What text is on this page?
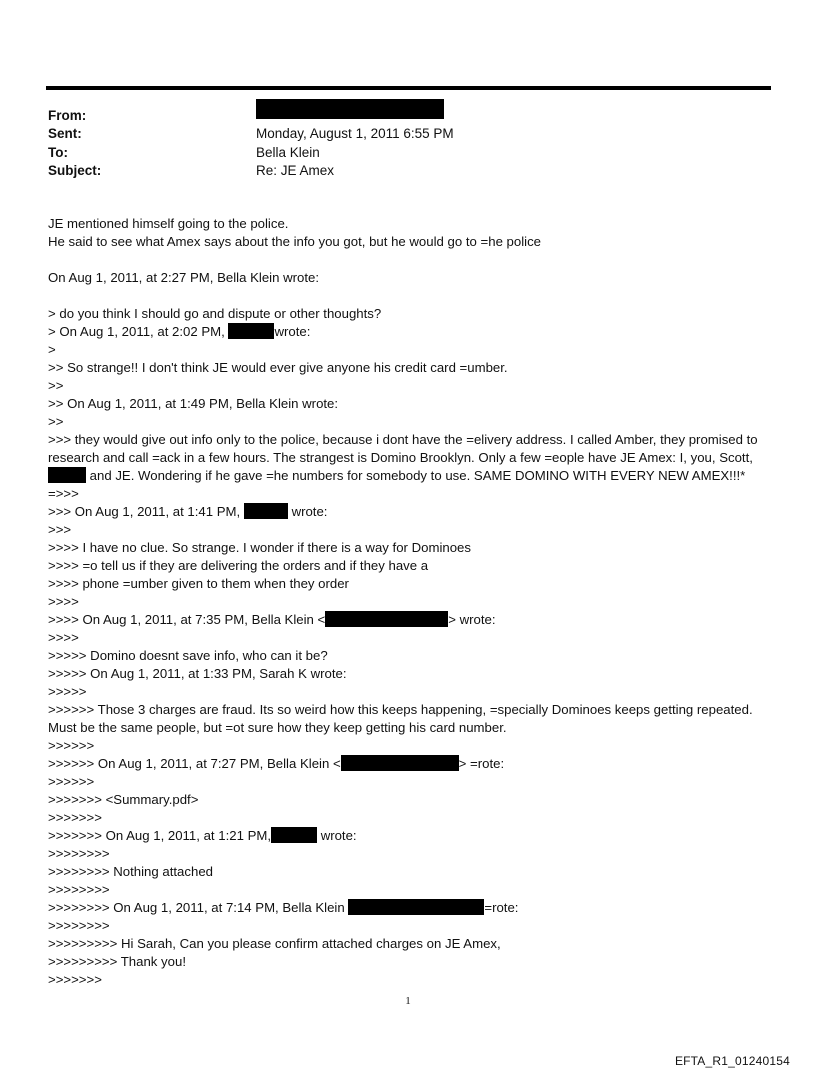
From:
Sent:	Monday, August 1, 2011 6:55 PM
To:	Bella Klein
Subject:	Re: JE Amex
JE mentioned himself going to the police.
He said to see what Amex says about the info you got, but he would go to =he police
On Aug 1, 2011, at 2:27 PM, Bella Klein wrote:
> do you think I should go and dispute or other thoughts?
> On Aug 1, 2011, at 2:02 PM,	wrote:
>
>> So strange!! I don't think JE would ever give anyone his credit card =umber.
>>
>> On Aug 1, 2011, at 1:49 PM, Bella Klein wrote:
>>
>>> they would give out info only to the police, because i dont have the =elivery address. I called Amber, they promised to research and call =ack in a few hours. The strangest is Domino Brooklyn. Only a few =eople have JE Amex: I, you, Scott, and JE. Wondering if he gave =he numbers for somebody to use. SAME DOMINO WITH EVERY NEW AMEX!!!* =>>>
>>> On Aug 1, 2011, at 1:41 PM,	wrote:
>>>
>>>> I have no clue. So strange. I wonder if there is a way for Dominoes
>>>> =o tell us if they are delivering the orders and if they have a
>>>> phone =umber given to them when they order
>>>>
>>>> On Aug 1, 2011, at 7:35 PM, Bella Klein <	> wrote:
>>>>
>>>>> Domino doesnt save info, who can it be?
>>>>> On Aug 1, 2011, at 1:33 PM, Sarah K wrote:
>>>>>
>>>>>> Those 3 charges are fraud. Its so weird how this keeps happening, =specially Dominoes keeps getting repeated. Must be the same people, but =ot sure how they keep getting his card number.
>>>>>>
>>>>>> On Aug 1, 2011, at 7:27 PM, Bella Klein <	> =rote:
>>>>>>
>>>>>>> <Summary.pdf>
>>>>>>>
>>>>>>> On Aug 1, 2011, at 1:21 PM,	wrote:
>>>>>>>>
>>>>>>>> Nothing attached
>>>>>>>>
>>>>>>>> On Aug 1, 2011, at 7:14 PM, Bella Klein	=rote:
>>>>>>>>
>>>>>>>>> Hi Sarah, Can you please confirm attached charges on JE Amex,
>>>>>>>>> Thank you!
>>>>>>>
1
EFTA_R1_01240154
